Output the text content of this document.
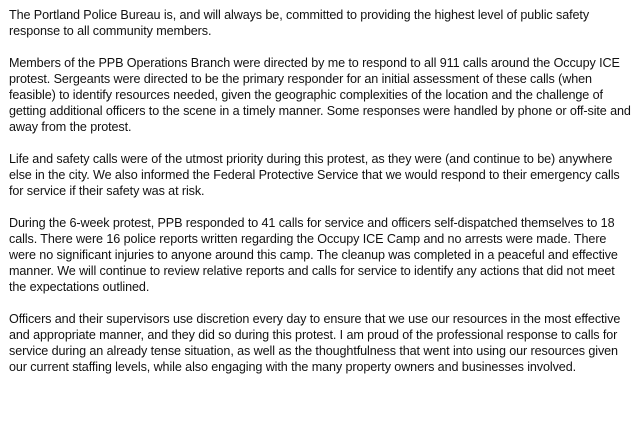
The Portland Police Bureau is, and will always be, committed to providing the highest level of public safety response to all community members.

Members of the PPB Operations Branch were directed by me to respond to all 911 calls around the Occupy ICE protest. Sergeants were directed to be the primary responder for an initial assessment of these calls (when feasible) to identify resources needed, given the geographic complexities of the location and the challenge of getting additional officers to the scene in a timely manner. Some responses were handled by phone or off-site and away from the protest.

Life and safety calls were of the utmost priority during this protest, as they were (and continue to be) anywhere else in the city. We also informed the Federal Protective Service that we would respond to their emergency calls for service if their safety was at risk.

During the 6-week protest, PPB responded to 41 calls for service and officers self-dispatched themselves to 18 calls. There were 16 police reports written regarding the Occupy ICE Camp and no arrests were made. There were no significant injuries to anyone around this camp. The cleanup was completed in a peaceful and effective manner. We will continue to review relative reports and calls for service to identify any actions that did not meet the expectations outlined.

Officers and their supervisors use discretion every day to ensure that we use our resources in the most effective and appropriate manner, and they did so during this protest. I am proud of the professional response to calls for service during an already tense situation, as well as the thoughtfulness that went into using our resources given our current staffing levels, while also engaging with the many property owners and businesses involved.
